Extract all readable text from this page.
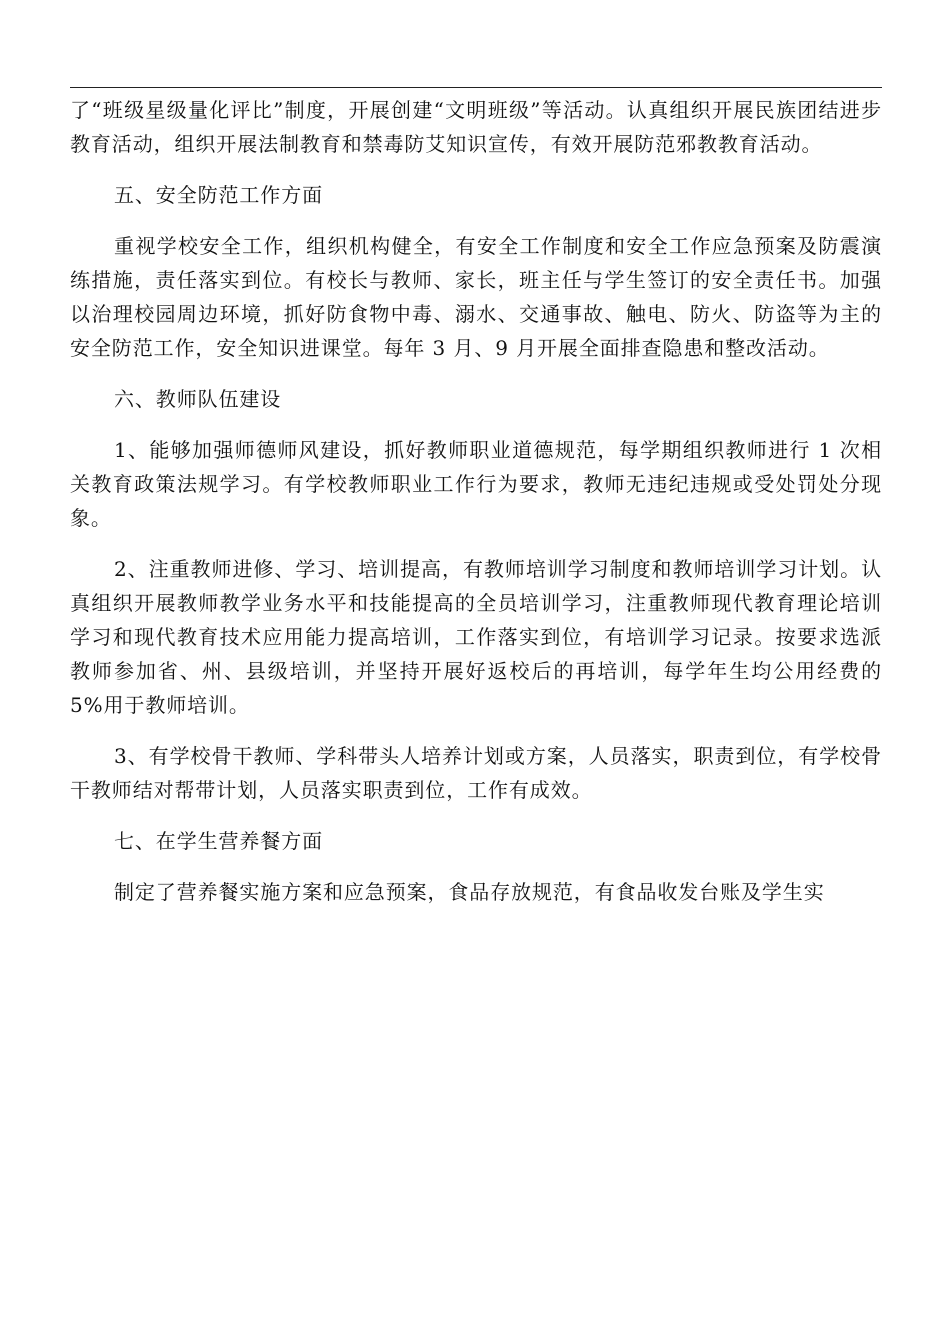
了“班级星级量化评比”制度，开展创建“文明班级”等活动。认真组织开展民族团结进步教育活动，组织开展法制教育和禁毒防艾知识宣传，有效开展防范邪教教育活动。

五、安全防范工作方面

重视学校安全工作，组织机构健全，有安全工作制度和安全工作应急预案及防震演练措施，责任落实到位。有校长与教师、家长，班主任与学生签订的安全责任书。加强以治理校园周边环境，抓好防食物中毒、溺水、交通事故、触电、防火、防盗等为主的安全防范工作，安全知识进课堂。每年 3 月、9 月开展全面排查隐患和整改活动。

六、教师队伍建设

1、能够加强师德师风建设，抓好教师职业道德规范，每学期组织教师进行 1 次相关教育政策法规学习。有学校教师职业工作行为要求，教师无违纪违规或受处罚处分现象。

2、注重教师进修、学习、培训提高，有教师培训学习制度和教师培训学习计划。认真组织开展教师教学业务水平和技能提高的全员培训学习，注重教师现代教育理论培训学习和现代教育技术应用能力提高培训，工作落实到位，有培训学习记录。按要求选派教师参加省、州、县级培训，并坚持开展好返校后的再培训，每学年生均公用经费的 5%用于教师培训。

3、有学校骨干教师、学科带头人培养计划或方案，人员落实，职责到位，有学校骨干教师结对帮带计划，人员落实职责到位，工作有成效。

七、在学生营养餐方面

制定了营养餐实施方案和应急预案，食品存放规范，有食品收发台账及学生实
